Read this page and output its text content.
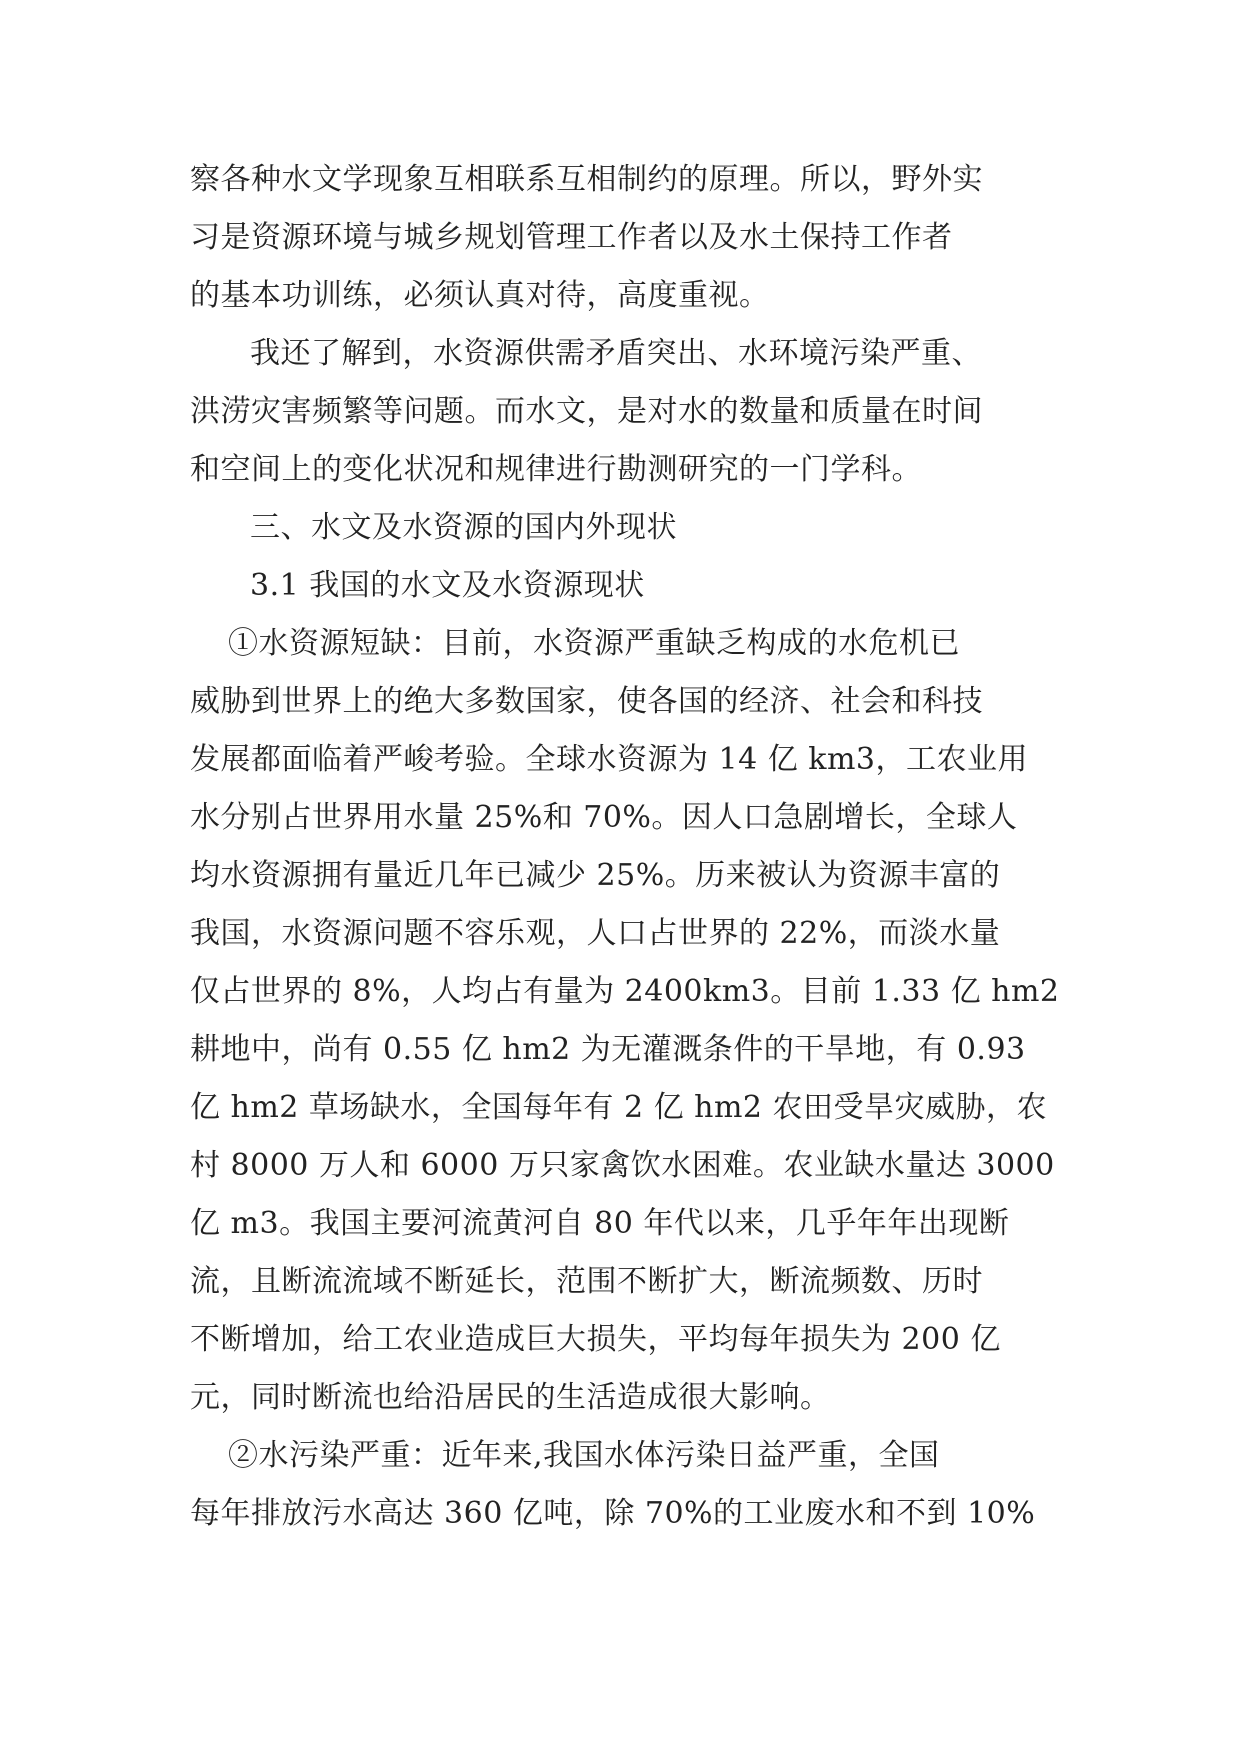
察各种水文学现象互相联系互相制约的原理。所以，野外实
习是资源环境与城乡规划管理工作者以及水土保持工作者
的基本功训练，必须认真对待，高度重视。
我还了解到，水资源供需矛盾突出、水环境污染严重、
洪涝灾害频繁等问题。而水文，是对水的数量和质量在时间
和空间上的变化状况和规律进行勘测研究的一门学科。
三、水文及水资源的国内外现状
3.1 我国的水文及水资源现状
①水资源短缺：目前，水资源严重缺乏构成的水危机已
威胁到世界上的绝大多数国家，使各国的经济、社会和科技
发展都面临着严峻考验。全球水资源为 14 亿 km3，工农业用
水分别占世界用水量 25%和 70%。因人口急剧增长，全球人
均水资源拥有量近几年已减少 25%。历来被认为资源丰富的
我国，水资源问题不容乐观，人口占世界的 22%，而淡水量
仅占世界的 8%，人均占有量为 2400km3。目前 1.33 亿 hm2
耕地中，尚有 0.55 亿 hm2 为无灌溉条件的干旱地，有 0.93
亿 hm2 草场缺水，全国每年有 2 亿 hm2 农田受旱灾威胁，农
村 8000 万人和 6000 万只家禽饮水困难。农业缺水量达 3000
亿 m3。我国主要河流黄河自 80 年代以来，几乎年年出现断
流，且断流流域不断延长，范围不断扩大，断流频数、历时
不断增加，给工农业造成巨大损失，平均每年损失为 200 亿
元，同时断流也给沿居民的生活造成很大影响。
②水污染严重：近年来,我国水体污染日益严重，全国
每年排放污水高达 360 亿吨，除 70%的工业废水和不到 10%
